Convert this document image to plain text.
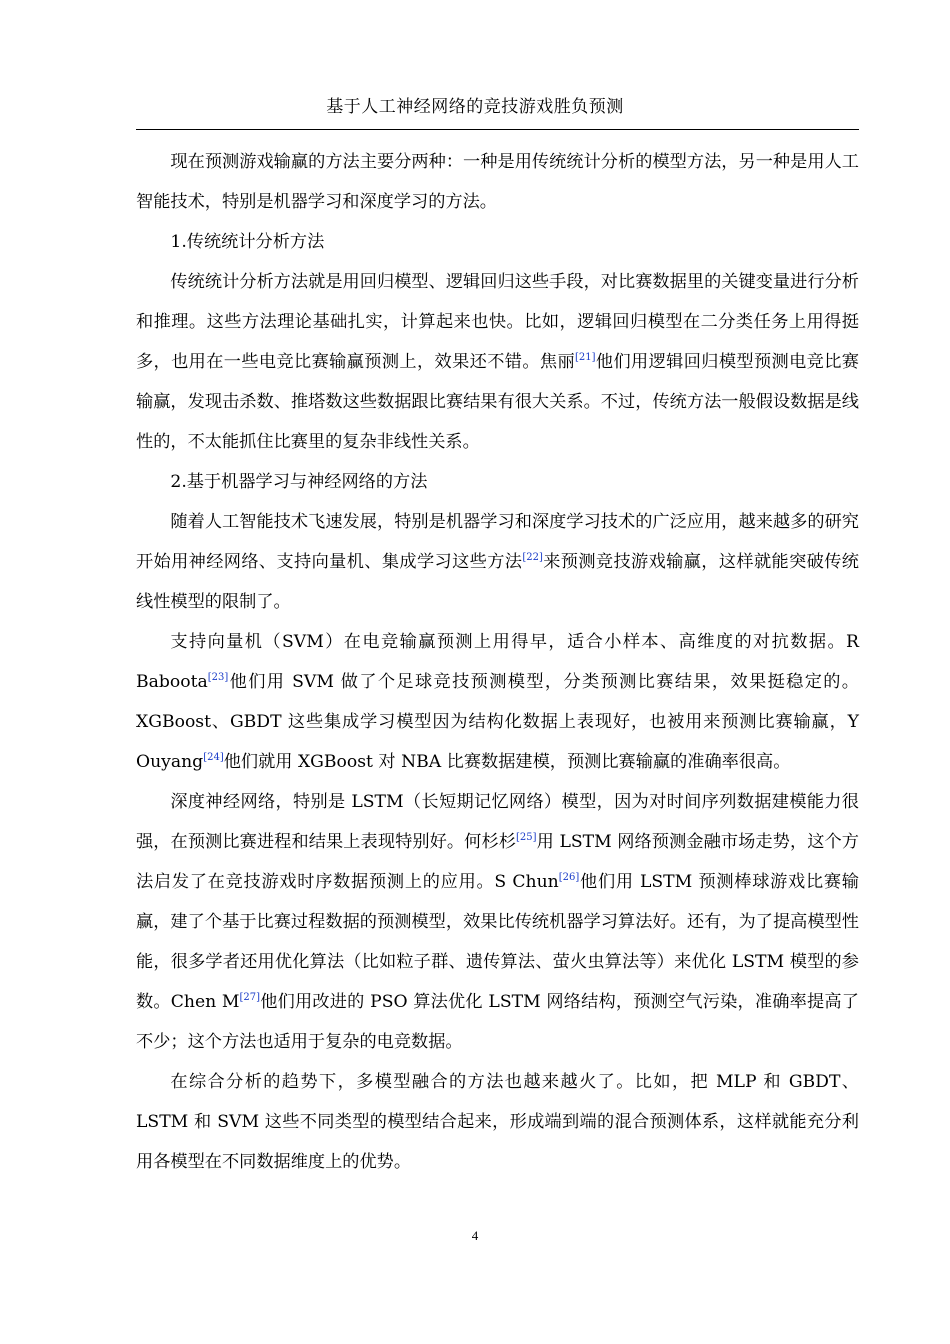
基于人工神经网络的竞技游戏胜负预测

现在预测游戏输赢的方法主要分两种：一种是用传统统计分析的模型方法，另一种是用人工智能技术，特别是机器学习和深度学习的方法。

1.传统统计分析方法

传统统计分析方法就是用回归模型、逻辑回归这些手段，对比赛数据里的关键变量进行分析和推理。这些方法理论基础扎实，计算起来也快。比如，逻辑回归模型在二分类任务上用得挺多，也用在一些电竞比赛输赢预测上，效果还不错。焦丽[21]他们用逻辑回归模型预测电竞比赛输赢，发现击杀数、推塔数这些数据跟比赛结果有很大关系。不过，传统方法一般假设数据是线性的，不太能抓住比赛里的复杂非线性关系。

2.基于机器学习与神经网络的方法

随着人工智能技术飞速发展，特别是机器学习和深度学习技术的广泛应用，越来越多的研究开始用神经网络、支持向量机、集成学习这些方法[22]来预测竞技游戏输赢，这样就能突破传统线性模型的限制了。

支持向量机（SVM）在电竞输赢预测上用得早，适合小样本、高维度的对抗数据。R Baboota[23]他们用 SVM 做了个足球竞技预测模型，分类预测比赛结果，效果挺稳定的。XGBoost、GBDT 这些集成学习模型因为结构化数据上表现好，也被用来预测比赛输赢，Y Ouyang[24]他们就用 XGBoost 对 NBA 比赛数据建模，预测比赛输赢的准确率很高。

深度神经网络，特别是 LSTM（长短期记忆网络）模型，因为对时间序列数据建模能力很强，在预测比赛进程和结果上表现特别好。何杉杉[25]用 LSTM 网络预测金融市场走势，这个方法启发了在竞技游戏时序数据预测上的应用。S Chun[26]他们用 LSTM 预测棒球游戏比赛输赢，建了个基于比赛过程数据的预测模型，效果比传统机器学习算法好。还有，为了提高模型性能，很多学者还用优化算法（比如粒子群、遗传算法、萤火虫算法等）来优化 LSTM 模型的参数。Chen M[27]他们用改进的 PSO 算法优化 LSTM 网络结构，预测空气污染，准确率提高了不少；这个方法也适用于复杂的电竞数据。

在综合分析的趋势下，多模型融合的方法也越来越火了。比如，把 MLP 和 GBDT、LSTM 和 SVM 这些不同类型的模型结合起来，形成端到端的混合预测体系，这样就能充分利用各模型在不同数据维度上的优势。

4
